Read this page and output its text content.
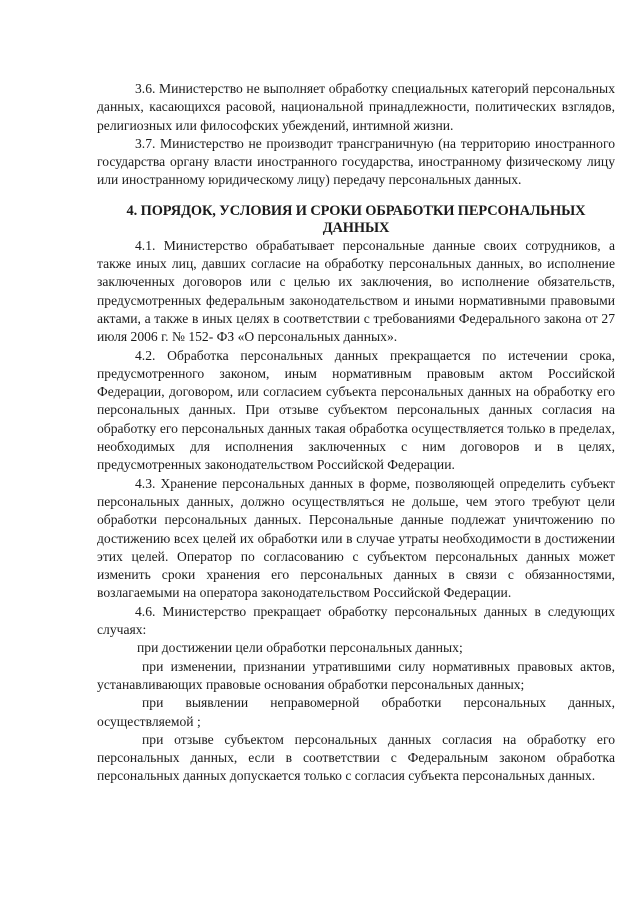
3.6. Министерство не выполняет обработку специальных категорий персональных данных, касающихся расовой, национальной принадлежности, политических взглядов, религиозных или философских убеждений, интимной жизни.

3.7. Министерство не производит трансграничную (на территорию иностранного государства органу власти иностранного государства, иностранному физическому лицу или иностранному юридическому лицу) передачу персональных данных.

4. ПОРЯДОК, УСЛОВИЯ И СРОКИ ОБРАБОТКИ ПЕРСОНАЛЬНЫХ ДАННЫХ

4.1. Министерство обрабатывает персональные данные своих сотрудников, а также иных лиц, давших согласие на обработку персональных данных, во исполнение заключенных договоров или с целью их заключения, во исполнение обязательств, предусмотренных федеральным законодательством и иными нормативными правовыми актами, а также в иных целях в соответствии с требованиями Федерального закона от 27 июля 2006 г. № 152- ФЗ «О персональных данных».

4.2. Обработка персональных данных прекращается по истечении срока, предусмотренного законом, иным нормативным правовым актом Российской Федерации, договором, или согласием субъекта персональных данных на обработку его персональных данных. При отзыве субъектом персональных данных согласия на обработку его персональных данных такая обработка осуществляется только в пределах, необходимых для исполнения заключенных с ним договоров и в целях, предусмотренных законодательством Российской Федерации.

4.3. Хранение персональных данных в форме, позволяющей определить субъект персональных данных, должно осуществляться не дольше, чем этого требуют цели обработки персональных данных. Персональные данные подлежат уничтожению по достижению всех целей их обработки или в случае утраты необходимости в достижении этих целей. Оператор по согласованию с субъектом персональных данных может изменить сроки хранения его персональных данных в связи с обязанностями, возлагаемыми на оператора законодательством Российской Федерации.

4.6. Министерство прекращает обработку персональных данных в следующих случаях:

при достижении цели обработки персональных данных;

при изменении, признании утратившими силу нормативных правовых актов, устанавливающих правовые основания обработки персональных данных;

при выявлении неправомерной обработки персональных данных, осуществляемой ;

при отзыве субъектом персональных данных согласия на обработку его персональных данных, если в соответствии с Федеральным законом обработка персональных данных допускается только с согласия субъекта персональных данных.
